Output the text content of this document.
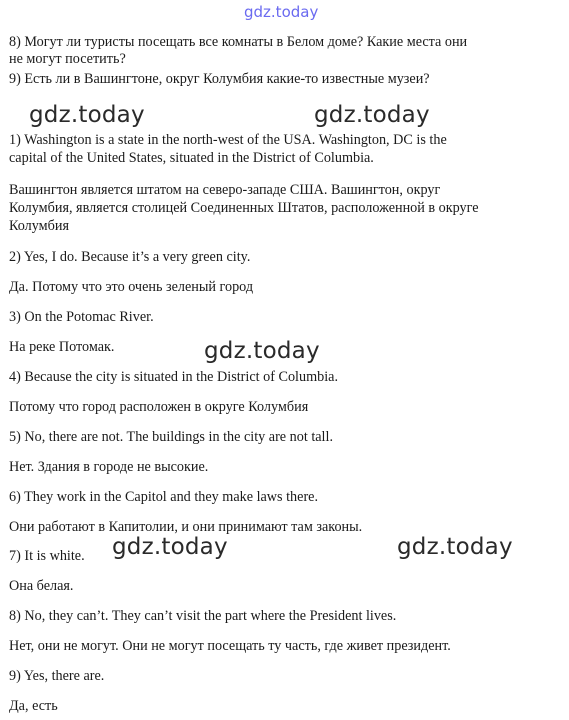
gdz.today
8) Могут ли туристы посещать все комнаты в Белом доме? Какие места они
не могут посетить?
9) Есть ли в Вашингтоне, округ Колумбия какие-то известные музеи?
gdz.today	gdz.today
1) Washington is a state in the north-west of the USA. Washington, DC is the
capital of the United States, situated in the District of Columbia.
Вашингтон является штатом на северо-западе США. Вашингтон, округ
Колумбия, является столицей Соединенных Штатов, расположенной в округе
Колумбия
2) Yes, I do. Because it’s a very green city.
Да. Потому что это очень зеленый город
3) On the Potomac River.
На реке Потомак.	gdz.today
4) Because the city is situated in the District of Columbia.
Потому что город расположен в округе Колумбия
5) No, there are not. The buildings in the city are not tall.
Нет. Здания в городе не высокие.
6) They work in the Capitol and they make laws there.
Они работают в Капитолии, и они принимают там законы.
7) It is white. gdz.today	gdz.today
Она белая.
8) No, they can’t. They can’t visit the part where the President lives.
Нет, они не могут. Они не могут посещать ту часть, где живет президент.
9) Yes, there are.
Да, есть
